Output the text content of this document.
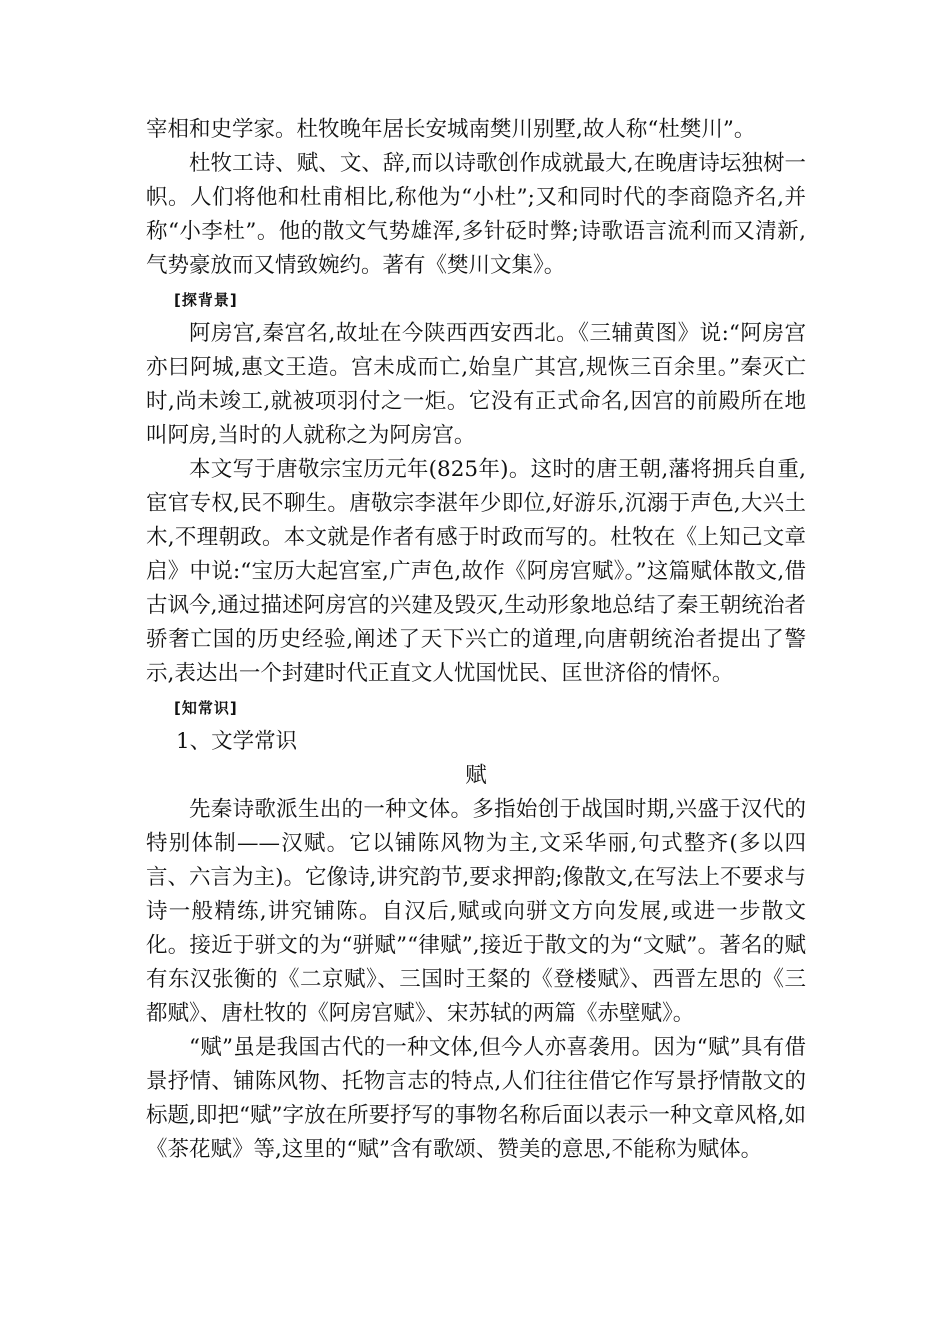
宰相和史学家。杜牧晚年居长安城南樊川别墅,故人称“杜樊川”。

杜牧工诗、赋、文、辞,而以诗歌创作成就最大,在晚唐诗坛独树一帜。人们将他和杜甫相比,称他为“小杜”;又和同时代的李商隐齐名,并称“小李杜”。他的散文气势雄浑,多针砭时弊;诗歌语言流利而又清新,气势豪放而又情致婉约。著有《樊川文集》。

[探背景]

阿房宫,秦宫名,故址在今陕西西安西北。《三辅黄图》说:“阿房宫亦曰阿城,惠文王造。宫未成而亡,始皇广其宫,规恢三百余里。”秦灭亡时,尚未竣工,就被项羽付之一炬。它没有正式命名,因宫的前殿所在地叫阿房,当时的人就称之为阿房宫。

本文写于唐敬宗宝历元年(825年)。这时的唐王朝,藩将拥兵自重,宦官专权,民不聊生。唐敬宗李湛年少即位,好游乐,沉溺于声色,大兴土木,不理朝政。本文就是作者有感于时政而写的。杜牧在《上知己文章启》中说:“宝历大起宫室,广声色,故作《阿房宫赋》。”这篇赋体散文,借古讽今,通过描述阿房宫的兴建及毁灭,生动形象地总结了秦王朝统治者骄奢亡国的历史经验,阐述了天下兴亡的道理,向唐朝统治者提出了警示,表达出一个封建时代正直文人忧国忧民、匡世济俗的情怀。

[知常识]

1、文学常识

赋

先秦诗歌派生出的一种文体。多指始创于战国时期,兴盛于汉代的特别体制——汉赋。它以铺陈风物为主,文采华丽,句式整齐(多以四言、六言为主)。它像诗,讲究韵节,要求押韵;像散文,在写法上不要求与诗一般精练,讲究铺陈。自汉后,赋或向骈文方向发展,或进一步散文化。接近于骈文的为“骈赋”“律赋”,接近于散文的为“文赋”。著名的赋有东汉张衡的《二京赋》、三国时王粲的《登楼赋》、西晋左思的《三都赋》、唐杜牧的《阿房宫赋》、宋苏轼的两篇《赤壁赋》。

“赋”虽是我国古代的一种文体,但今人亦喜袭用。因为“赋”具有借景抒情、铺陈风物、托物言志的特点,人们往往借它作写景抒情散文的标题,即把“赋”字放在所要抒写的事物名称后面以表示一种文章风格,如《茶花赋》等,这里的“赋”含有歌颂、赞美的意思,不能称为赋体。
